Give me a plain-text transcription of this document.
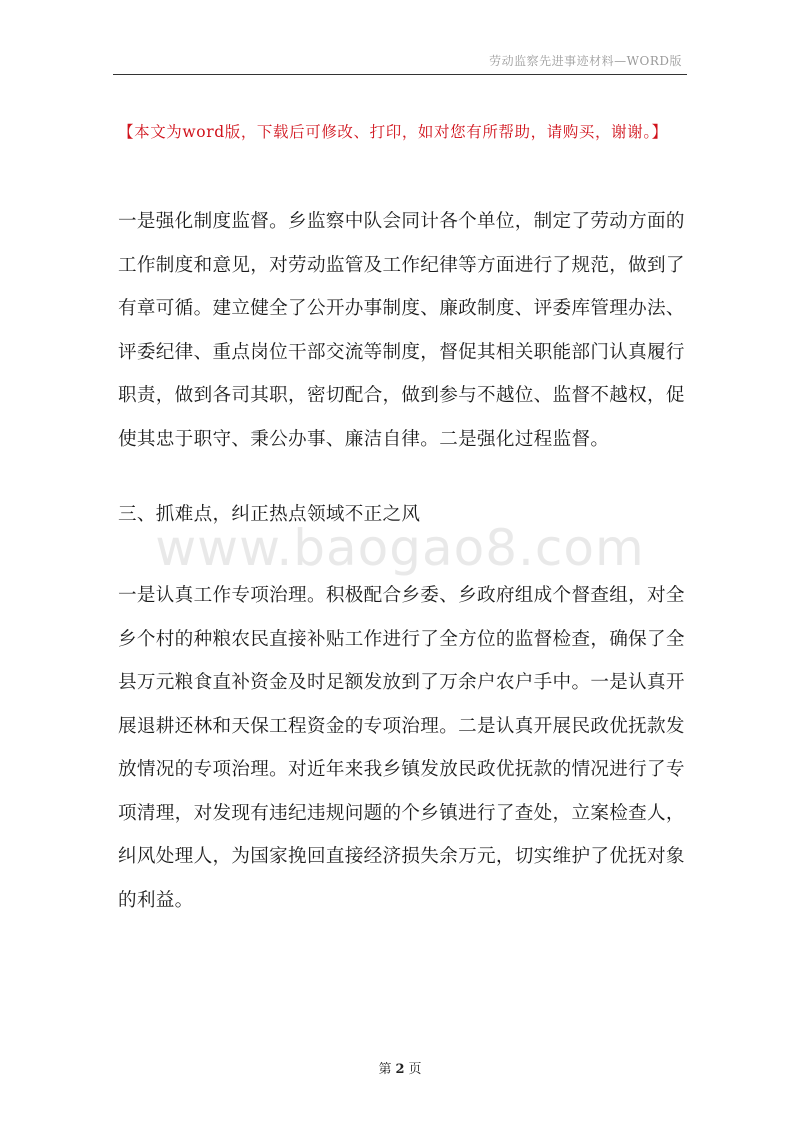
劳动监察先进事迹材料—WORD版
【本文为word版，下载后可修改、打印，如对您有所帮助，请购买，谢谢。】
一是强化制度监督。乡监察中队会同计各个单位，制定了劳动方面的
工作制度和意见，对劳动监管及工作纪律等方面进行了规范，做到了
有章可循。建立健全了公开办事制度、廉政制度、评委库管理办法、
评委纪律、重点岗位干部交流等制度，督促其相关职能部门认真履行
职责，做到各司其职，密切配合，做到参与不越位、监督不越权，促
使其忠于职守、秉公办事、廉洁自律。二是强化过程监督。
三、抓难点，纠正热点领域不正之风
www.baogao8.com
一是认真工作专项治理。积极配合乡委、乡政府组成个督查组，对全
乡个村的种粮农民直接补贴工作进行了全方位的监督检查，确保了全
县万元粮食直补资金及时足额发放到了万余户农户手中。一是认真开
展退耕还林和天保工程资金的专项治理。二是认真开展民政优抚款发
放情况的专项治理。对近年来我乡镇发放民政优抚款的情况进行了专
项清理，对发现有违纪违规问题的个乡镇进行了查处，立案检查人，
纠风处理人，为国家挽回直接经济损失余万元，切实维护了优抚对象
的利益。
第 2 页
